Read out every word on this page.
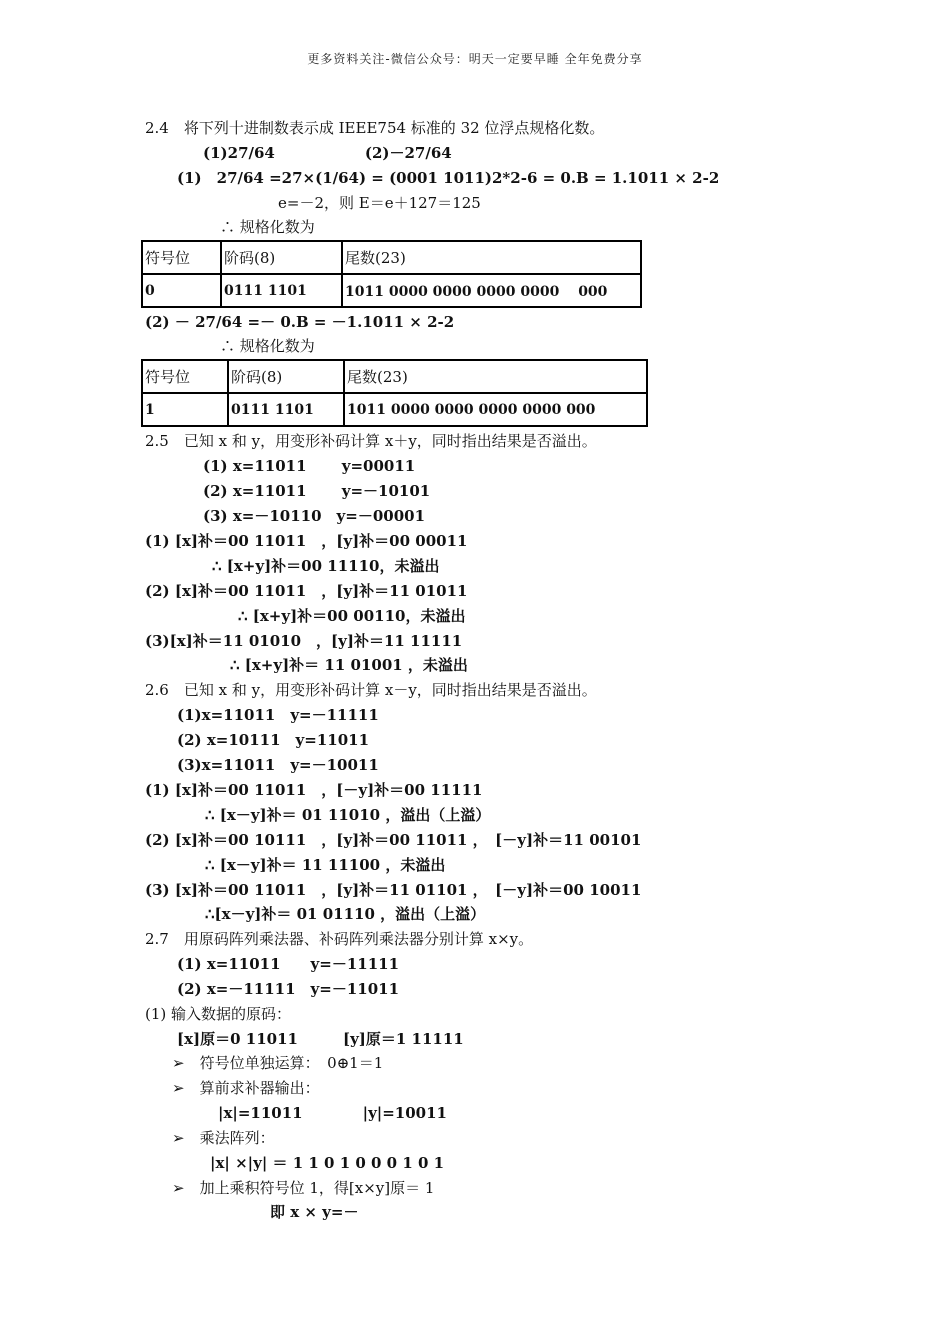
更多资料关注-微信公众号：明天一定要早睡 全年免费分享
2.4　将下列十进制数表示成 IEEE754 标准的 32 位浮点规格化数。
(1)27/64　　　　　　(2)－27/64
(1)　27/64 =27×(1/64) = (0001 1011)2*2-6 = 0.B = 1.1011 × 2-2
e=－2，则 E＝e＋127＝125
∴ 规格化数为
符号位	阶码(8)	尾数(23)
0	0111 1101	1011 0000 0000 0000 0000　 000
(2) － 27/64 =－ 0.B = －1.1011 × 2-2
∴ 规格化数为
符号位	阶码(8)	尾数(23)
1	0111 1101	1011 0000 0000 0000 0000 000
2.5　已知 x 和 y，用变形补码计算 x＋y，同时指出结果是否溢出。
(1) x=11011　　 y=00011
(2) x=11011　　 y=－10101
(3) x=－10110　y=－00001
(1) [x]补＝00 11011　，[y]补＝00 00011
∴ [x+y]补＝00 11110，未溢出
(2) [x]补＝00 11011　，[y]补＝11 01011
∴ [x+y]补＝00 00110，未溢出
(3)[x]补＝11 01010　，[y]补＝11 11111
∴ [x+y]补＝ 11 01001 ，未溢出
2.6　已知 x 和 y，用变形补码计算 x－y，同时指出结果是否溢出。
(1)x=11011　y=－11111
(2) x=10111　y=11011
(3)x=11011　y=－10011
(1) [x]补＝00 11011　，[－y]补＝00 11111
∴ [x－y]补＝ 01 11010 ，溢出（上溢）
(2) [x]补＝00 10111　，[y]补＝00 11011 ，　[－y]补＝11 00101
∴ [x－y]补＝ 11 11100 ，未溢出
(3) [x]补＝00 11011　，[y]补＝11 01101 ，　[－y]补＝00 10011
∴[x－y]补＝ 01 01110 ，溢出（上溢）
2.7　用原码阵列乘法器、补码阵列乘法器分别计算 x×y。
(1) x=11011　　y=－11111
(2) x=－11111　y=－11011
(1) 输入数据的原码：
[x]原＝0 11011　　　[y]原＝1 11111
➢　符号位单独运算：　0⊕1＝1
➢　算前求补器输出：
|x|=11011　　　　|y|=10011
➢　乘法阵列：
|x| ×|y| ＝ 1 1 0 1 0 0 0 1 0 1
➢　加上乘积符号位 1，得[x×y]原＝ 1
即 x × y=－
